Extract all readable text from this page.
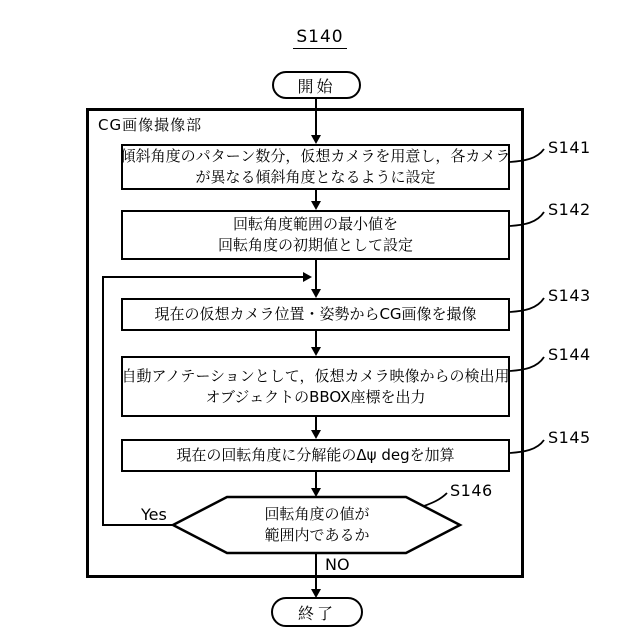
S140
開始
CG画像撮像部
傾斜角度のパターン数分，仮想カメラを用意し，各カメラ
が異なる傾斜角度となるように設定
回転角度範囲の最小値を
回転角度の初期値として設定
現在の仮想カメラ位置・姿勢からCG画像を撮像
自動アノテーションとして，仮想カメラ映像からの検出用
オブジェクトのBBOX座標を出力
現在の回転角度に分解能のΔψ degを加算
回転角度の値が
範囲内であるか
Yes
NO
S141
S142
S143
S144
S145
S146
終了
